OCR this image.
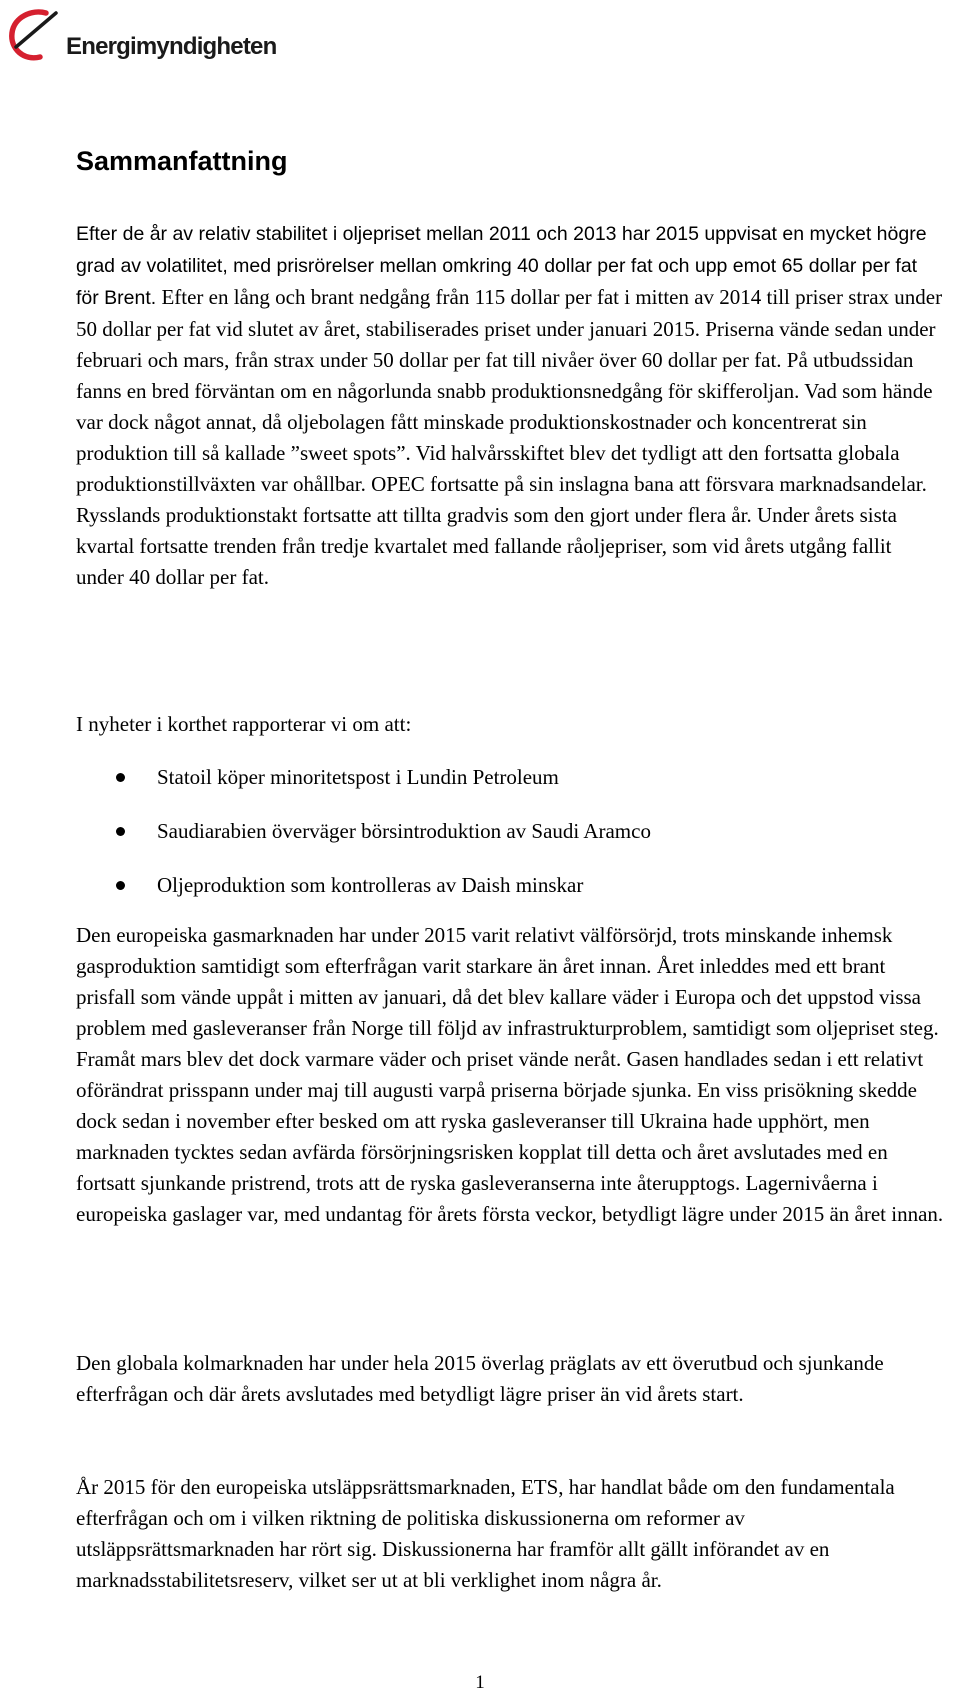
Energimyndigheten
Sammanfattning

Efter de år av relativ stabilitet i oljepriset mellan 2011 och 2013 har 2015 uppvisat en mycket högre grad av volatilitet, med prisrörelser mellan omkring 40 dollar per fat och upp emot 65 dollar per fat för Brent. Efter en lång och brant nedgång från 115 dollar per fat i mitten av 2014 till priser strax under 50 dollar per fat vid slutet av året, stabiliserades priset under januari 2015. Priserna vände sedan under februari och mars, från strax under 50 dollar per fat till nivåer över 60 dollar per fat. På utbudssidan fanns en bred förväntan om en någorlunda snabb produktionsnedgång för skifferoljan. Vad som hände var dock något annat, då oljebolagen fått minskade produktionskostnader och koncentrerat sin produktion till så kallade ”sweet spots”. Vid halvårsskiftet blev det tydligt att den fortsatta globala produktionstillväxten var ohållbar. OPEC fortsatte på sin inslagna bana att försvara marknadsandelar. Rysslands produktionstakt fortsatte att tillta gradvis som den gjort under flera år. Under årets sista kvartal fortsatte trenden från tredje kvartalet med fallande råoljepriser, som vid årets utgång fallit under 40 dollar per fat.

I nyheter i korthet rapporterar vi om att:

Statoil köper minoritetspost i Lundin Petroleum
Saudiarabien överväger börsintroduktion av Saudi Aramco
Oljeproduktion som kontrolleras av Daish minskar

Den europeiska gasmarknaden har under 2015 varit relativt välförsörjd, trots minskande inhemsk gasproduktion samtidigt som efterfrågan varit starkare än året innan. Året inleddes med ett brant prisfall som vände uppåt i mitten av januari, då det blev kallare väder i Europa och det uppstod vissa problem med gasleveranser från Norge till följd av infrastrukturproblem, samtidigt som oljepriset steg. Framåt mars blev det dock varmare väder och priset vände neråt. Gasen handlades sedan i ett relativt oförändrat prisspann under maj till augusti varpå priserna började sjunka. En viss prisökning skedde dock sedan i november efter besked om att ryska gasleveranser till Ukraina hade upphört, men marknaden tycktes sedan avfärda försörjningsrisken kopplat till detta och året avslutades med en fortsatt sjunkande pristrend, trots att de ryska gasleveranserna inte återupptogs. Lagernivåerna i europeiska gaslager var, med undantag för årets första veckor, betydligt lägre under 2015 än året innan.

Den globala kolmarknaden har under hela 2015 överlag präglats av ett överutbud och sjunkande efterfrågan och där årets avslutades med betydligt lägre priser än vid årets start.

År 2015 för den europeiska utsläppsrättsmarknaden, ETS, har handlat både om den fundamentala efterfrågan och om i vilken riktning de politiska diskussionerna om reformer av utsläppsrättsmarknaden har rört sig. Diskussionerna har framför allt gällt införandet av en marknadsstabilitetsreserv, vilket ser ut at bli verklighet inom några år.

1
